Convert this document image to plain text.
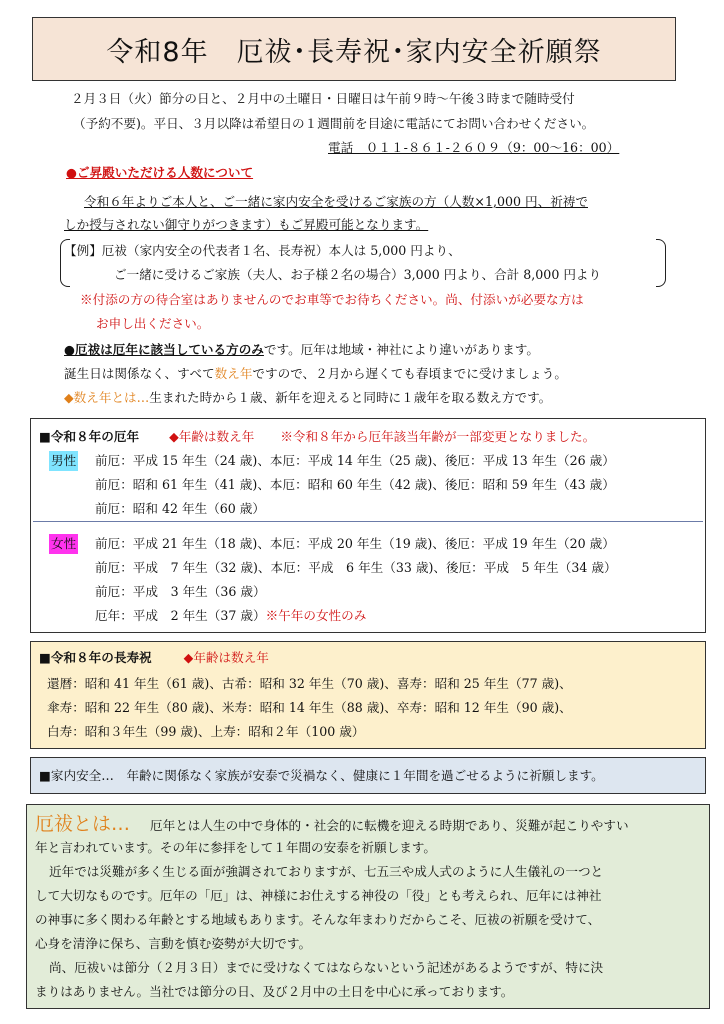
令和8年　厄祓･長寿祝･家内安全祈願祭
２月３日（火）節分の日と、２月中の土曜日・日曜日は午前９時～午後３時まで随時受付
（予約不要)。平日、３月以降は希望日の１週間前を目途に電話にてお問い合わせください。
電話　０１１-８６１-２６０９（9：00～16：00）
●ご昇殿いただける人数について
令和６年よりご本人と、ご一緒に家内安全を受けるご家族の方（人数×1,000 円、祈祷で
しか授与されない御守りがつきます）もご昇殿可能となります。
【例】厄祓（家内安全の代表者１名、長寿祝）本人は 5,000 円より、
ご一緒に受けるご家族（夫人、お子様２名の場合）3,000 円より、合計 8,000 円より
※付添の方の待合室はありませんのでお車等でお待ちください。尚、付添いが必要な方は
お申し出ください。
●厄祓は厄年に該当している方のみです。厄年は地域・神社により違いがあります。
誕生日は関係なく、すべて数え年ですので、２月から遅くても春頃までに受けましょう。
◆数え年とは…生まれた時から１歳、新年を迎えると同時に１歳年を取る数え方です。
■令和８年の厄年 ◆年齢は数え年 ※令和８年から厄年該当年齢が一部変更となりました。
男性 前厄：平成 15 年生（24 歳)、本厄：平成 14 年生（25 歳)、後厄：平成 13 年生（26 歳）
前厄：昭和 61 年生（41 歳)、本厄：昭和 60 年生（42 歳)、後厄：昭和 59 年生（43 歳）
前厄：昭和 42 年生（60 歳）
女性 前厄：平成 21 年生（18 歳)、本厄：平成 20 年生（19 歳)、後厄：平成 19 年生（20 歳）
前厄：平成　7 年生（32 歳)、本厄：平成　6 年生（33 歳)、後厄：平成　5 年生（34 歳）
前厄：平成　3 年生（36 歳）
厄年：平成　2 年生（37 歳）※午年の女性のみ
■令和８年の長寿祝	◆年齢は数え年
還暦：昭和 41 年生（61 歳)、古希：昭和 32 年生（70 歳)、喜寿：昭和 25 年生（77 歳)、
傘寿：昭和 22 年生（80 歳)、米寿：昭和 14 年生（88 歳)、卒寿：昭和 12 年生（90 歳)、
白寿：昭和３年生（99 歳)、上寿：昭和２年（100 歳）
■家内安全…　年齢に関係なく家族が安泰で災禍なく、健康に１年間を過ごせるように祈願します。
厄祓とは… 厄年とは人生の中で身体的・社会的に転機を迎える時期であり、災難が起こりやすい
年と言われています。その年に参拝をして１年間の安泰を祈願します。
近年では災難が多く生じる面が強調されておりますが、七五三や成人式のように人生儀礼の一つと
して大切なものです。厄年の「厄」は、神様にお仕えする神役の「役」とも考えられ、厄年には神社
の神事に多く関わる年齢とする地域もあります。そんな年まわりだからこそ、厄祓の祈願を受けて、
心身を清浄に保ち、言動を慎む姿勢が大切です。
尚、厄祓いは節分（２月３日）までに受けなくてはならないという記述があるようですが、特に決
まりはありません。当社では節分の日、及び２月中の土日を中心に承っております。
